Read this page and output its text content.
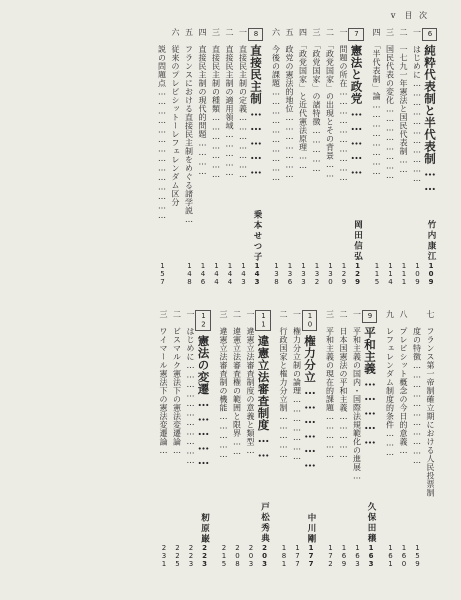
v 目 次
6純粋代表制と半代表制……
竹内康江
109
一　はじめに……………………………
109
二　一七九一年憲法と国民代表制……
111
三　国民代表の変化……………………
114
四　「半代表制」論……………………
115
7憲法と政党……………
岡田信弘
129
一　問題の所在…………………………
129
二　「政党国家」の出現とその背景……
130
三　「政党国家」の諸特徴……………
132
四　「政党国家」と近代憲法原理……
133
五　政党の憲法的地位…………………
136
六　今後の課題…………………………
138
8直接民主制……………
乗本せつ子
143
一　直接民主制の定義…………………
143
二　直接民主制の適用領域……………
144
三　直接民主制の種類…………………
144
四　直接民主制の現代的問題…………
146
五　フランスにおける直接民主制をめぐる諸学説…
148
六　従来のプレビシットーレフェレンダム区分
　　説の問題点……………………………………
157
七　フランス第一帝制確立期における人民投票制
　　度の特徴……………………………
159
八　プレビシット概念の今日的意義…
160
九　レフェレンダム制度的条件………
161
9平和主義……………
久保田穣
163
一　平和主義の国内・国際法規範化の進展…
163
二　日本国憲法の平和主義……………
169
三　平和主義の現在的課題……………
172
10権力分立………………
中川剛
177
一　権力分立制の論理…………………
177
二　行政国家と権力分立制……………
181
11違憲立法審査制度……
戸松秀典
203
一　違憲立法審査制度の意義と類型…
203
二　違憲立法審査権の範囲と限界……
208
三　違憲立法審査制の機能……………
215
12憲法の変遷……………
籾原巌
223
一　はじめに……………………………
223
二　ビスマルク憲法下の憲法変遷論…
225
三　ワイマール憲法下の憲法変遷論…
231
